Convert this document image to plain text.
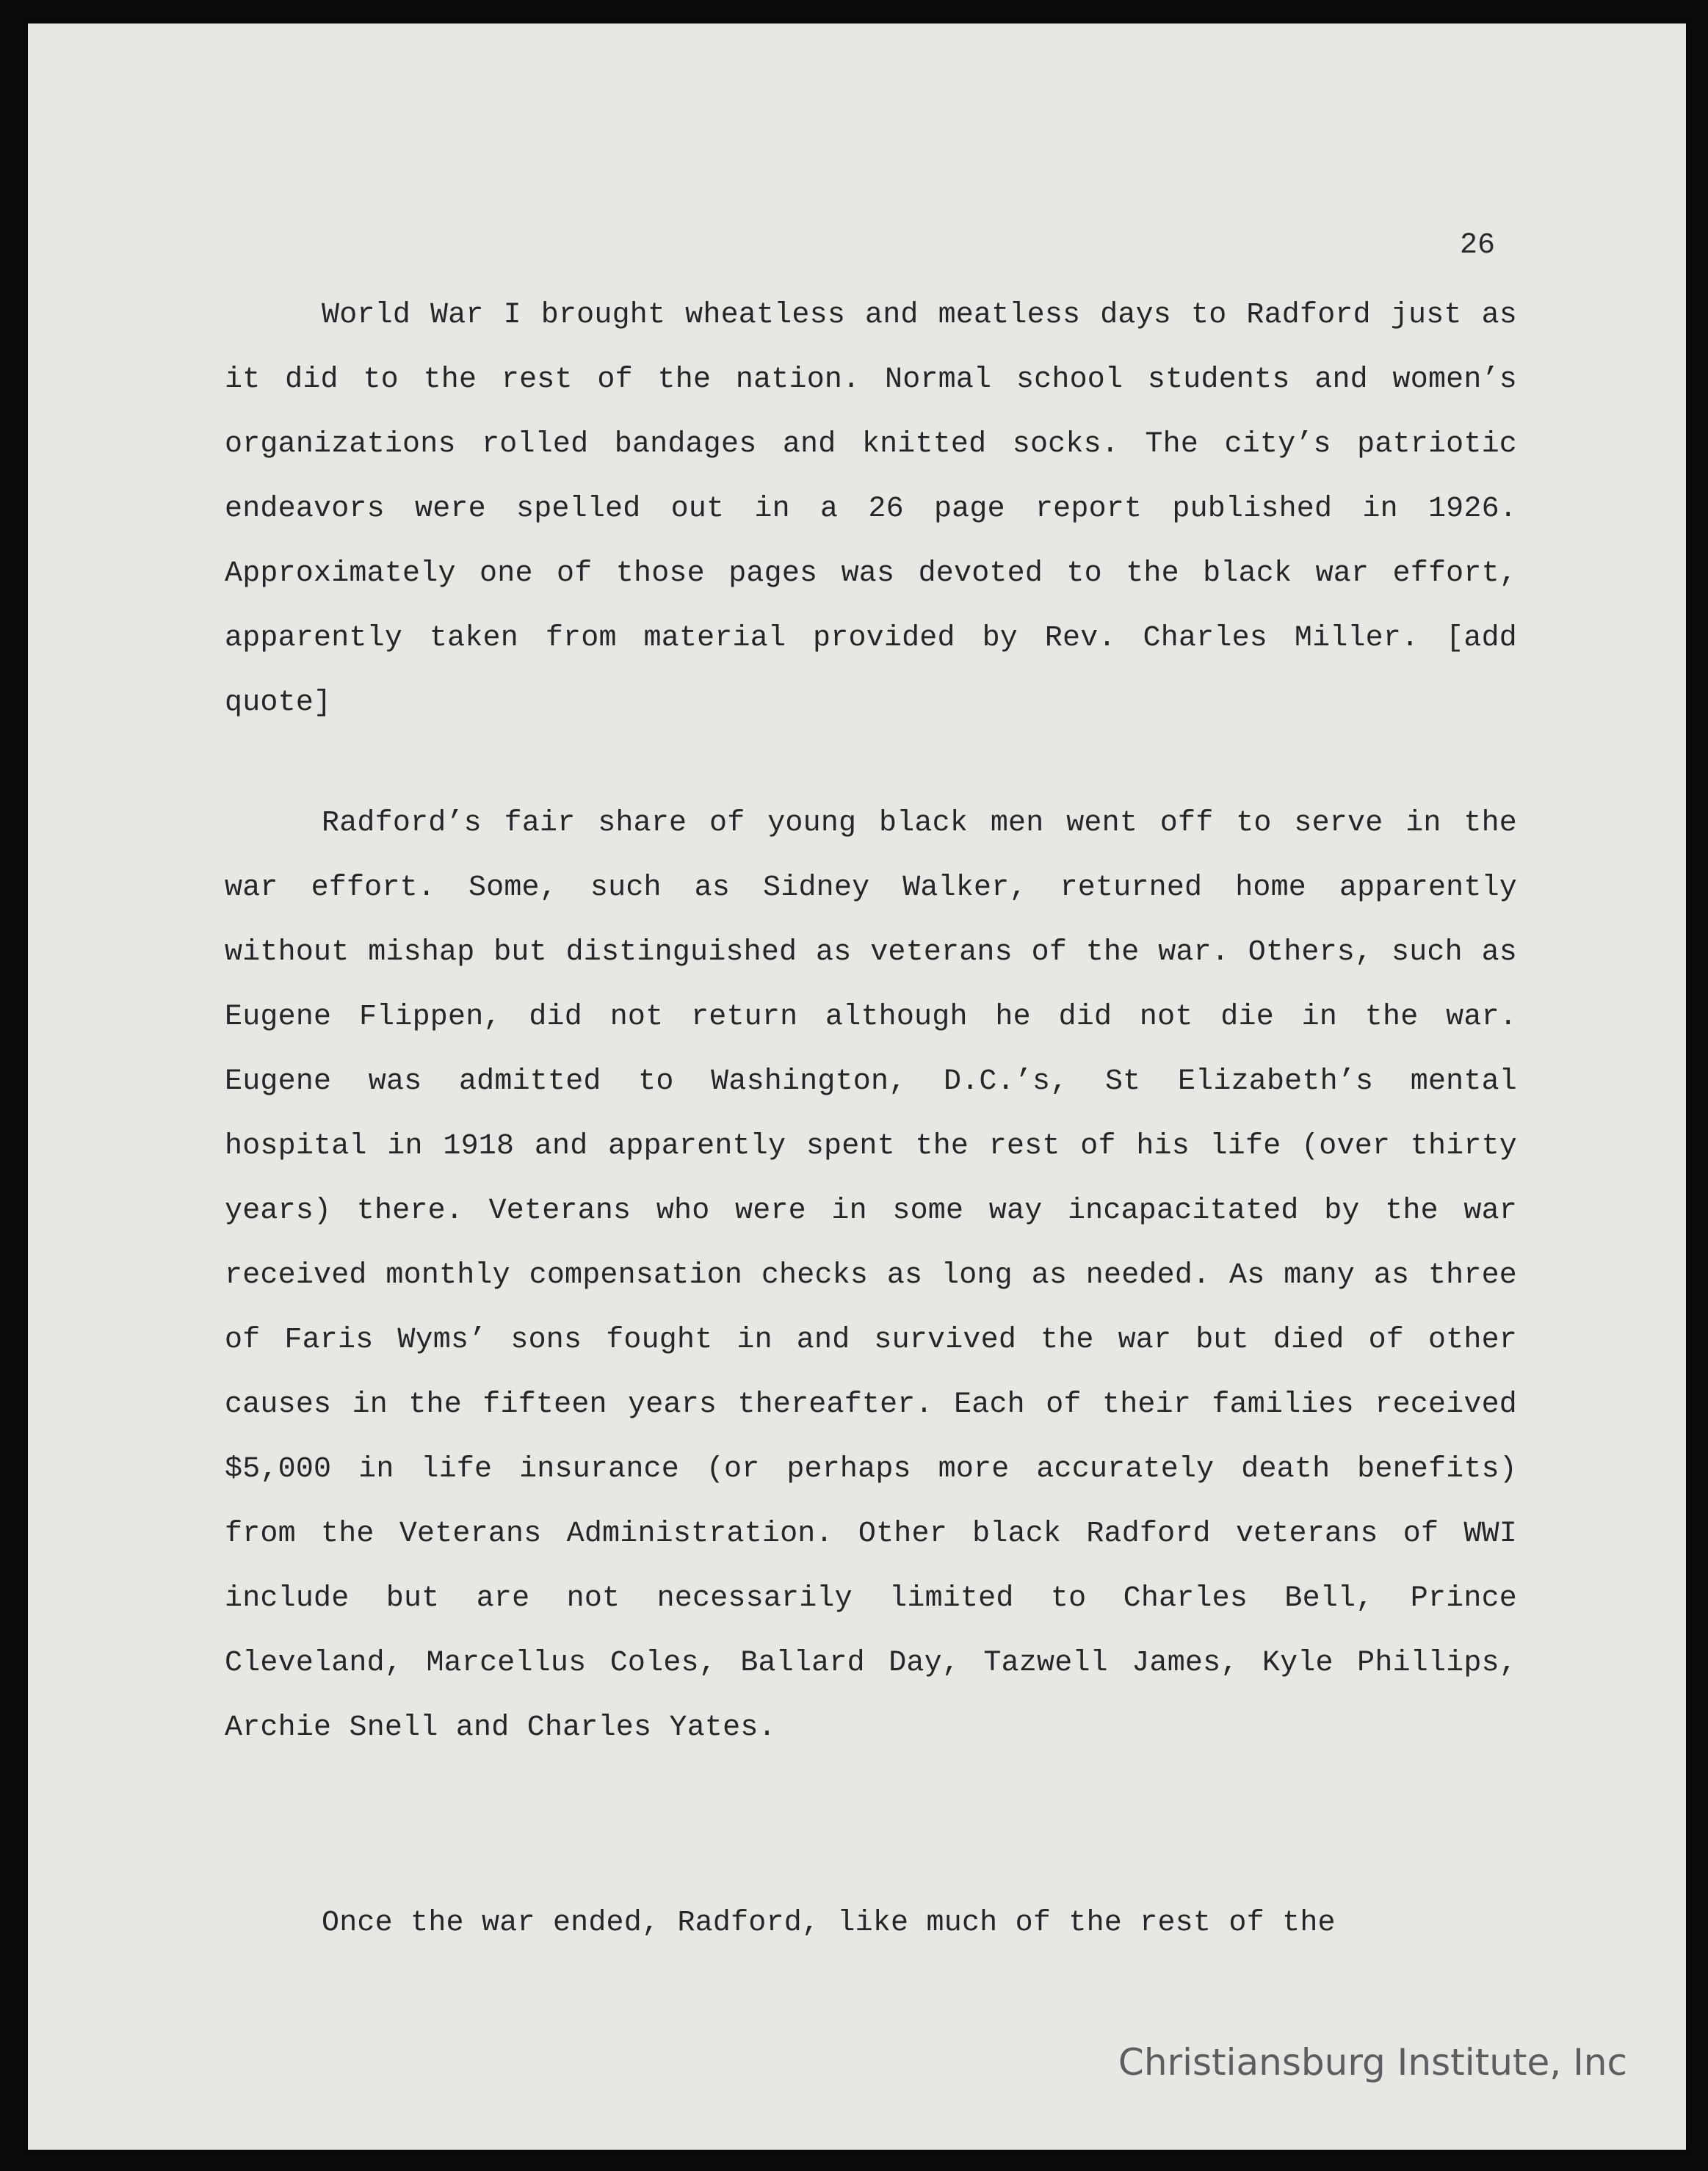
26

World War I brought wheatless and meatless days to Radford just as it did to the rest of the nation. Normal school students and women’s organizations rolled bandages and knitted socks. The city’s patriotic endeavors were spelled out in a 26 page report published in 1926. Approximately one of those pages was devoted to the black war effort, apparently taken from material provided by Rev. Charles Miller. [add quote]

Radford’s fair share of young black men went off to serve in the war effort. Some, such as Sidney Walker, returned home apparently without mishap but distinguished as veterans of the war. Others, such as Eugene Flippen, did not return although he did not die in the war. Eugene was admitted to Washington, D.C.’s, St Elizabeth’s mental hospital in 1918 and apparently spent the rest of his life (over thirty years) there. Veterans who were in some way incapacitated by the war received monthly compensation checks as long as needed. As many as three of Faris Wyms’ sons fought in and survived the war but died of other causes in the fifteen years thereafter. Each of their families received $5,000 in life insurance (or perhaps more accurately death benefits) from the Veterans Administration. Other black Radford veterans of WWI include but are not necessarily limited to Charles Bell, Prince Cleveland, Marcellus Coles, Ballard Day, Tazwell James, Kyle Phillips, Archie Snell and Charles Yates.

Once the war ended, Radford, like much of the rest of the

Christiansburg Institute, Inc
